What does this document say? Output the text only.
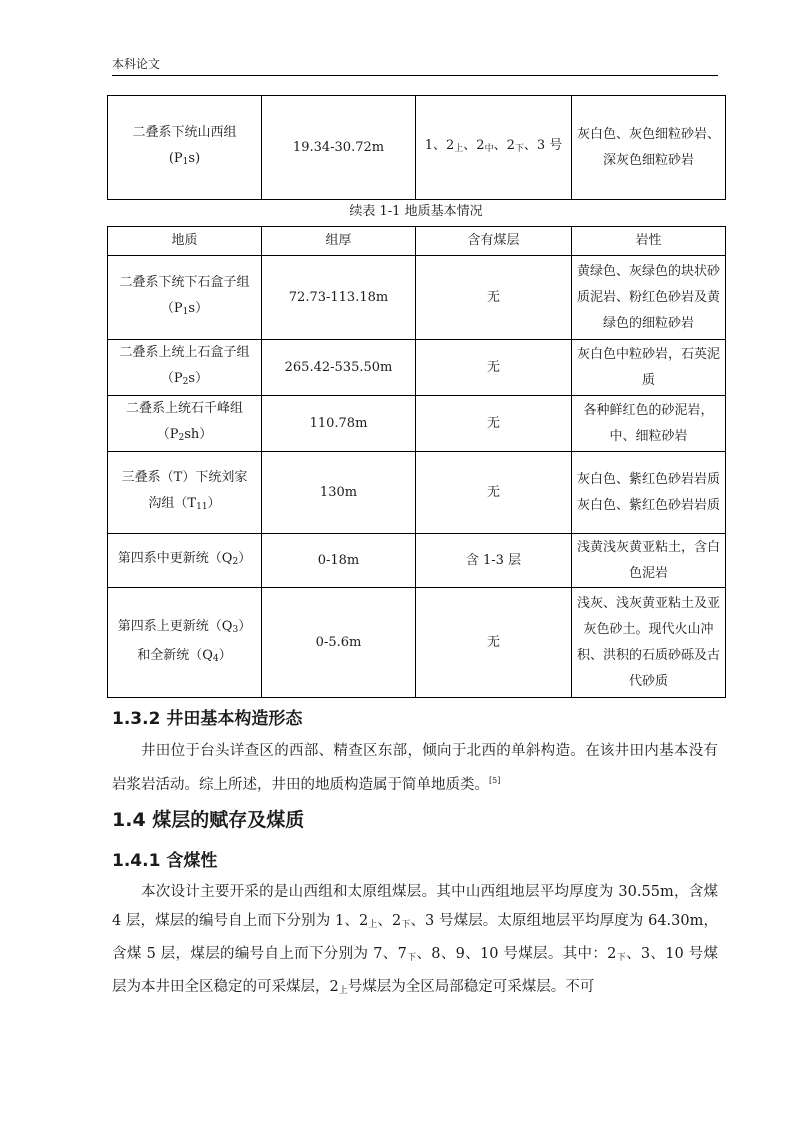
本科论文
二叠系下统山西组
$(P_1s)$
	19.34-30.72m	1、$2_上$、$2_中$、$2_下$、3 号	灰白色、灰色细粒砂岩、深灰色细粒砂岩
续表 1-1 地质基本情况
地质	组厚	含有煤层	岩性

二叠系下统下石盒子组
$(P_1s)$	72.73-113.18m	无	黄绿色、灰绿色的块状砂质泥岩、粉红色砂岩及黄绿色的细粒砂岩

二叠系上统上石盒子组
$(P_2s)$	265.42-535.50m	无	灰白色中粒砂岩，石英泥质

二叠系上统石千峰组
$(P_2sh)$	110.78m	无	各种鲜红色的砂泥岩，中、细粒砂岩

三叠系（T）下统刘家
沟组$(T_{11})$	130m	无	灰白色、紫红色砂岩岩质灰白色、紫红色砂岩岩质
第四系中更新统$(Q_2)$	0-18m	含 1-3 层	浅黄浅灰黄亚粘土，含白色泥岩

第四系上更新统$(Q_3)$
和全新统$(Q_4)$	0-5.6m	无	浅灰、浅灰黄亚粘土及亚灰色砂土。现代火山冲积、洪积的石质砂砾及古代砂质
1.3.2 井田基本构造形态
井田位于台头详查区的西部、精查区东部，倾向于北西的单斜构造。在该井田内基本没有岩浆岩活动。综上所述，井田的地质构造属于简单地质类。[5]
1.4 煤层的赋存及煤质
1.4.1 含煤性
本次设计主要开采的是山西组和太原组煤层。其中山西组地层平均厚度为 30.55m，含煤 4 层，煤层的编号自上而下分别为 1、$2_上$、$2_下$、3 号煤层。太原组地层平均厚度为 64.30m，含煤 5 层，煤层的编号自上而下分别为 7、$7_下$、8、9、10 号煤层。其中：$2_下$、3、10 号煤层为本井田全区稳定的可采煤层，$2_上$号煤层为全区局部稳定可采煤层。不可
